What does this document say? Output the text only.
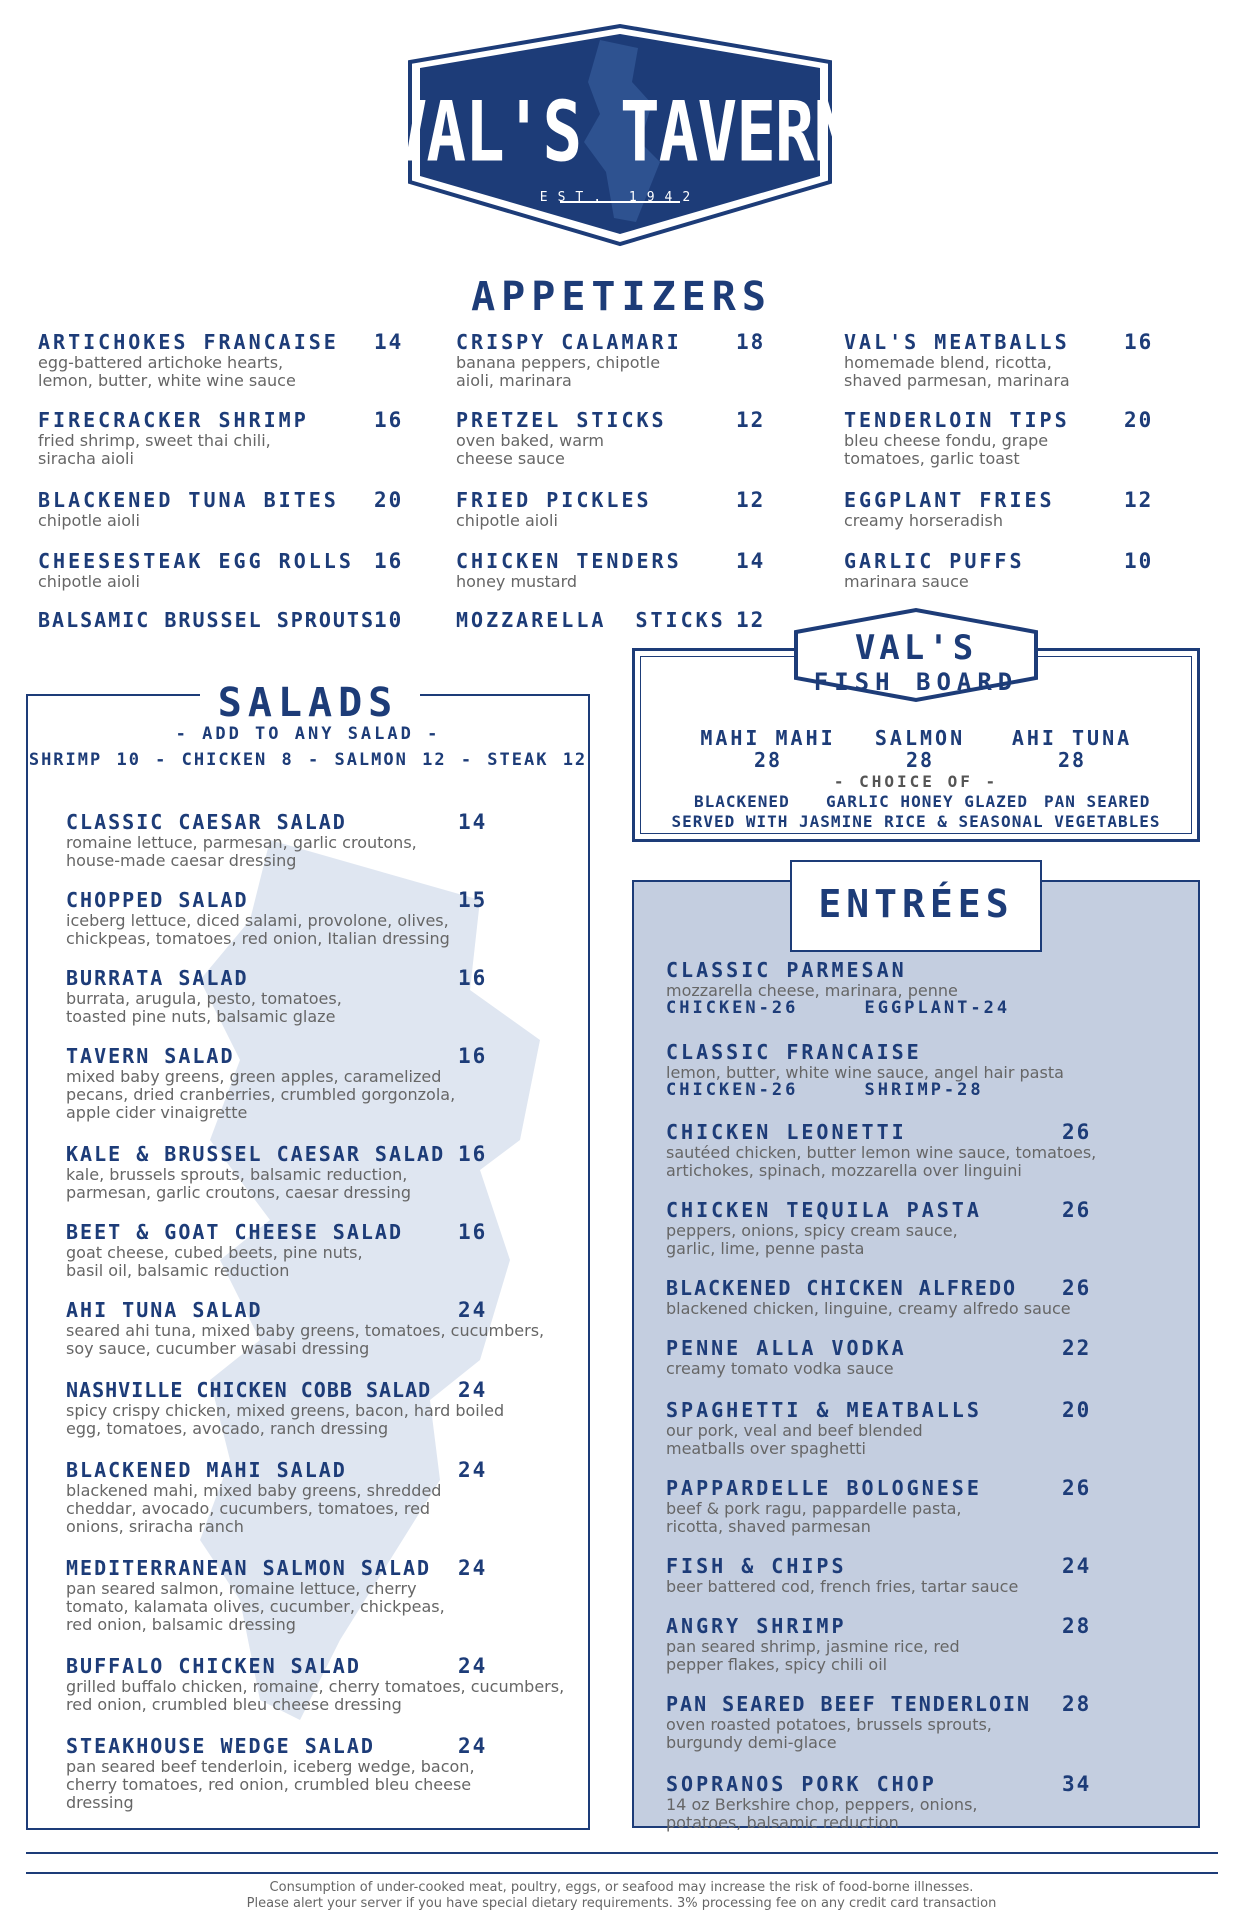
VAL'S TAVERN
EST. 1942
APPETIZERS
ARTICHOKES FRANCAISE 14
egg-battered artichoke hearts, lemon, butter, white wine sauce
FIRECRACKER SHRIMP	16
fried shrimp, sweet thai chili, siracha aioli
BLACKENED TUNA BITES 20
chipotle aioli
CHEESESTEAK EGG ROLLS 16
chipotle aioli
BALSAMIC BRUSSEL SPROUTS 10
CRISPY CALAMARI	18
banana peppers, chipotle aioli, marinara
PRETZEL STICKS	12
oven baked, warm cheese sauce
FRIED PICKLES	12
chipotle aioli
CHICKEN TENDERS	14
honey mustard
MOZZARELLA STICKS 12
VAL'S MEATBALLS	16
homemade blend, ricotta, shaved parmesan, marinara
TENDERLOIN TIPS	20
bleu cheese fondu, grape tomatoes, garlic toast
EGGPLANT FRIES	12
creamy horseradish
GARLIC PUFFS	10
marinara sauce
SALADS
- ADD TO ANY SALAD -
SHRIMP 10 - CHICKEN 8 - SALMON 12 - STEAK 12
CLASSIC CAESAR SALAD	14
romaine lettuce, parmesan, garlic croutons, house-made caesar dressing
CHOPPED SALAD	15
iceberg lettuce, diced salami, provolone, olives, chickpeas, tomatoes, red onion, Italian dressing
BURRATA SALAD	16
burrata, arugula, pesto, tomatoes, toasted pine nuts, balsamic glaze
TAVERN SALAD	16
mixed baby greens, green apples, caramelized pecans, dried cranberries, crumbled gorgonzola, apple cider vinaigrette
KALE & BRUSSEL CAESAR SALAD 16
kale, brussels sprouts, balsamic reduction, parmesan, garlic croutons, caesar dressing
BEET & GOAT CHEESE SALAD	16
goat cheese, cubed beets, pine nuts, basil oil, balsamic reduction
AHI TUNA SALAD	24
seared ahi tuna, mixed baby greens, tomatoes, cucumbers, soy sauce, cucumber wasabi dressing
NASHVILLE CHICKEN COBB SALAD 24
spicy crispy chicken, mixed greens, bacon, hard boiled egg, tomatoes, avocado, ranch dressing
BLACKENED MAHI SALAD	24
blackened mahi, mixed baby greens, shredded cheddar, avocado, cucumbers, tomatoes, red onions, sriracha ranch
MEDITERRANEAN SALMON SALAD 24
pan seared salmon, romaine lettuce, cherry tomato, kalamata olives, cucumber, chickpeas, red onion, balsamic dressing
BUFFALO CHICKEN SALAD	24
grilled buffalo chicken, romaine, cherry tomatoes, cucumbers, red onion, crumbled bleu cheese dressing
STEAKHOUSE WEDGE SALAD	24
pan seared beef tenderloin, iceberg wedge, bacon, cherry tomatoes, red onion, crumbled bleu cheese dressing
VAL'S
FISH BOARD
MAHI MAHI
28
SALMON
28
AHI TUNA
28
- CHOICE OF -
BLACKENED GARLIC HONEY GLAZED PAN SEARED
SERVED WITH JASMINE RICE & SEASONAL VEGETABLES
ENTRÉES
CLASSIC PARMESAN
mozzarella cheese, marinara, penne
CHICKEN-26     EGGPLANT-24
CLASSIC FRANCAISE
lemon, butter, white wine sauce, angel hair pasta
CHICKEN-26     SHRIMP-28
CHICKEN LEONETTI	26
sautéed chicken, butter lemon wine sauce, tomatoes, artichokes, spinach, mozzarella over linguini
CHICKEN TEQUILA PASTA	26
peppers, onions, spicy cream sauce, garlic, lime, penne pasta
BLACKENED CHICKEN ALFREDO 26
blackened chicken, linguine, creamy alfredo sauce
PENNE ALLA VODKA	22
creamy tomato vodka sauce
SPAGHETTI & MEATBALLS	20
our pork, veal and beef blended meatballs over spaghetti
PAPPARDELLE BOLOGNESE	26
beef & pork ragu, pappardelle pasta, ricotta, shaved parmesan
FISH & CHIPS	24
beer battered cod, french fries, tartar sauce
ANGRY SHRIMP	28
pan seared shrimp, jasmine rice, red pepper flakes, spicy chili oil
PAN SEARED BEEF TENDERLOIN 28
oven roasted potatoes, brussels sprouts, burgundy demi-glace
SOPRANOS PORK CHOP	34
14 oz Berkshire chop, peppers, onions, potatoes, balsamic reduction
Consumption of under-cooked meat, poultry, eggs, or seafood may increase the risk of food-borne illnesses.
Please alert your server if you have special dietary requirements. 3% processing fee on any credit card transaction
